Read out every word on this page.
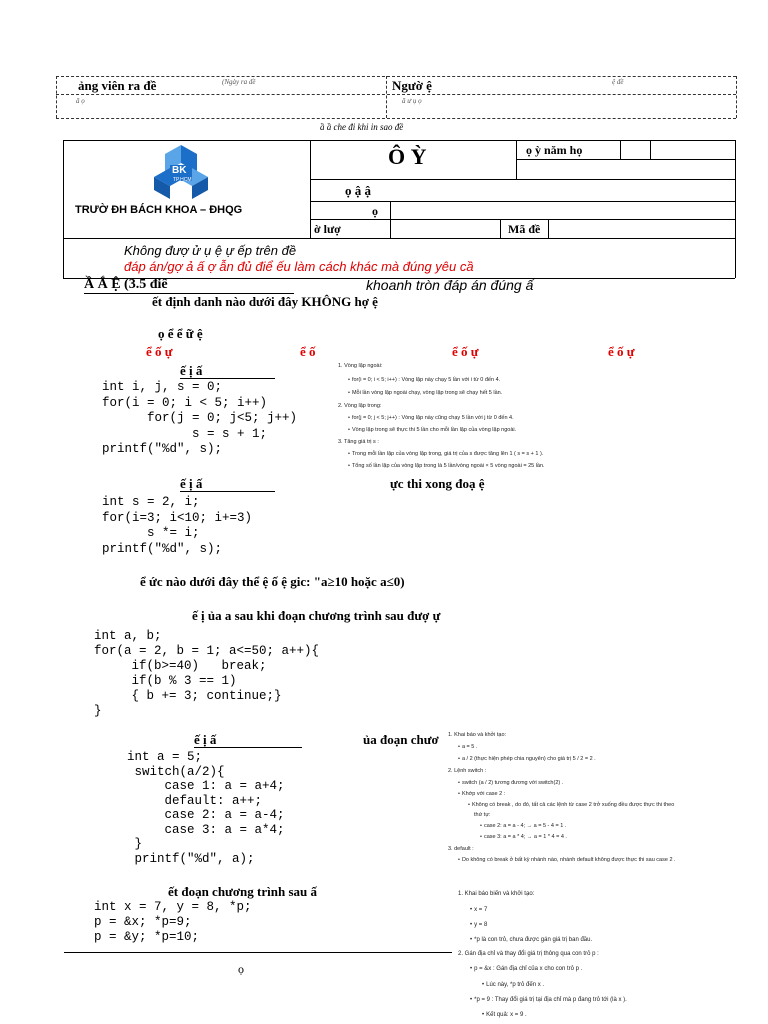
ảng viên ra đề	(Ngày ra đề
ă ọ
Ngườ ệ	ệ đề
ă ư ụ ọ
ầ ầ che đi khi in sao đề
BK
TP.HCM
TRƯỜ ĐH BÁCH KHOA – ĐHQG
Ô Ỳ	ọ ỳ năm họ
ọ ậ ậ
ọ
ờ lượ	Mã đề
Không đượ ử ụ ệ ự ếp trên đề
đáp án/gợ ả ấ ợ ẫn đủ điể ếu làm cách khác mà đúng yêu cầ
Ầ Ắ Ệ (3.5 điể	khoanh tròn đáp án đúng ấ
ết định danh nào dưới đây KHÔNG hợ ệ
ọ ể ể ữ ệ
ể ố ự	ể ố	ể ố ự	ể ố ự
ế ị ấ
int i, j, s = 0;
for(i = 0; i < 5; i++)
for(j = 0; j<5; j++)
s = s + 1;
printf("%d", s);
1. Vòng lặp ngoài:
• for(i = 0; i < 5; i++) : Vòng lặp này chạy 5 lần với i từ 0 đến 4.
• Mỗi lần vòng lặp ngoài chạy, vòng lặp trong sẽ chạy hết 5 lần.
2. Vòng lặp trong:
• for(j = 0; j < 5; j++) : Vòng lặp này cũng chạy 5 lần với j từ 0 đến 4.
• Vòng lặp trong sẽ thực thi 5 lần cho mỗi lần lặp của vòng lặp ngoài.
3. Tăng giá trị s :
• Trong mỗi lần lặp của vòng lặp trong, giá trị của s được tăng lên 1 ( s = s + 1 ).
• Tổng số lần lặp của vòng lặp trong là 5 lần/vòng ngoài × 5 vòng ngoài = 25 lần.
ế ị ấ	ực thi xong đoạ ệ
int s = 2, i;
for(i=3; i<10; i+=3)
s *= i;
printf("%d", s);
ể ức nào dưới đây thể ệ ố ệ gic: "a≥10 hoặc a≤0)
ế ị ủa a sau khi đoạn chương trình sau đượ ự
int a, b;
for(a = 2, b = 1; a<=50; a++){
if(b>=40)   break;
if(b % 3 == 1)
{ b += 3; continue;}
}
ế ị ấ	ủa đoạn chươ
int a = 5;
switch(a/2){
case 1: a = a+4;
default: a++;
case 2: a = a-4;
case 3: a = a*4;
}
printf("%d", a);
1. Khai báo và khởi tạo:
• a = 5 .
• a / 2 (thực hiện phép chia nguyên) cho giá trị 5 / 2 = 2 .
2. Lệnh switch :
• switch (a / 2) tương đương với switch(2) .
• Khớp với case 2 :
• Không có break , do đó, tất cả các lệnh từ case 2 trở xuống đều được thực thi theo
thứ tự:
• case 2: a = a - 4; → a = 5 - 4 = 1 .
• case 3: a = a * 4; → a = 1 * 4 = 4 .
3. default :
• Do không có break ở bất kỳ nhánh nào, nhánh default không được thực thi sau case 2 .
ết đoạn chương trình sau ấ
int x = 7, y = 8, *p;
p = &x; *p=9;
p = &y; *p=10;
ọ
1. Khai báo biến và khởi tạo:
• x = 7
• y = 8
• *p là con trỏ, chưa được gán giá trị ban đầu.
2. Gán địa chỉ và thay đổi giá trị thông qua con trỏ p :
• p = &x : Gán địa chỉ của x cho con trỏ p .
• Lúc này, *p trỏ đến x .
• *p = 9 : Thay đổi giá trị tại địa chỉ mà p đang trỏ tới (là x ).
• Kết quả: x = 9 .
